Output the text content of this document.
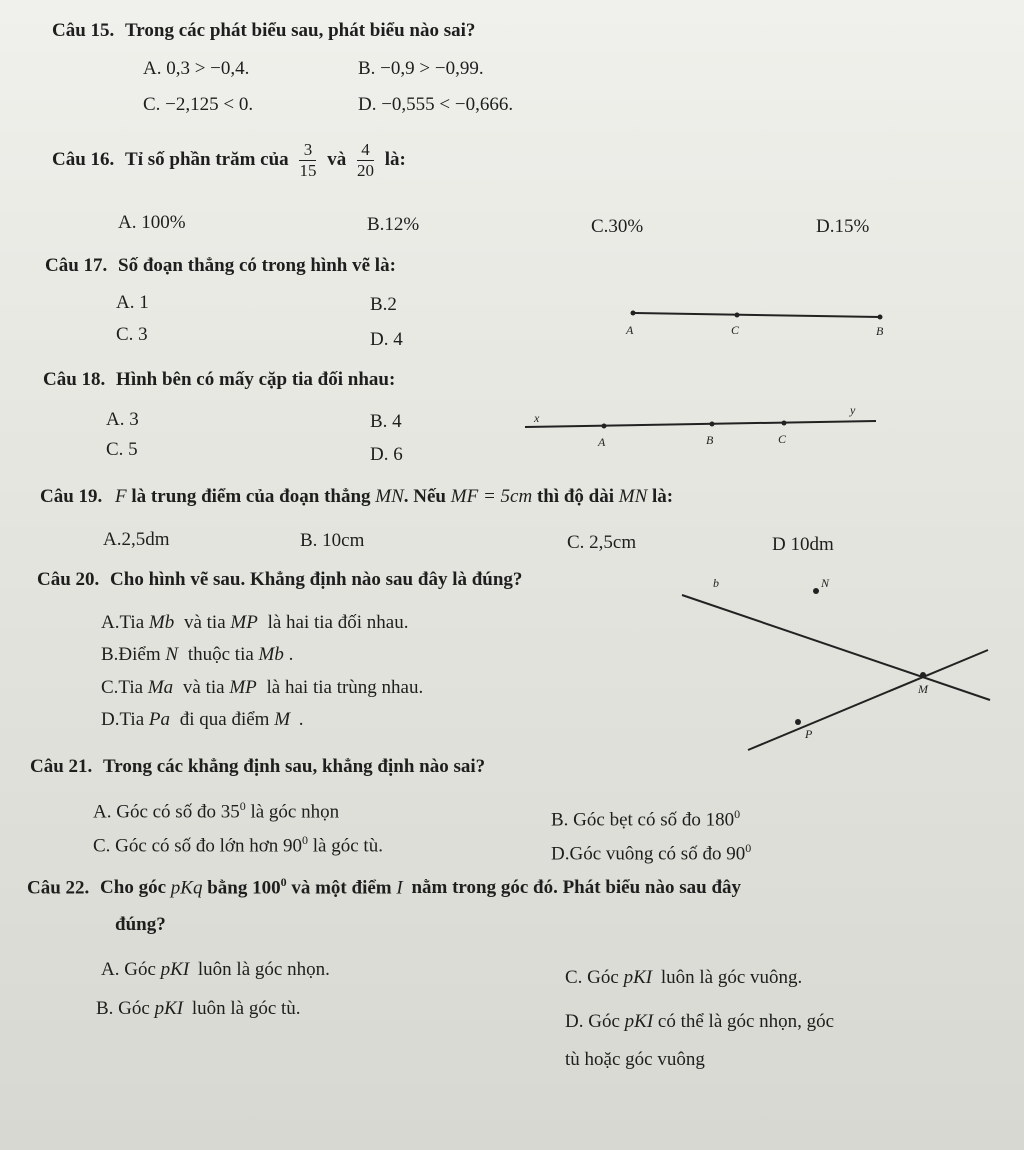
Câu 15. Trong các phát biểu sau, phát biểu nào sai?
A. 0,3 > −0,4.	B. −0,9 > −0,99.
C. −2,125 < 0.	D. −0,555 < −0,666.
Câu 16. Tỉ số phần trăm của $\frac{3}{15}$ và $\frac{4}{20}$ là:
A. 100%	B.12%	C.30%	D.15%
Câu 17. Số đoạn thẳng có trong hình vẽ là:
A. 1	B.2
C. 3	D. 4	A	C	B
Câu 18. Hình bên có mấy cặp tia đối nhau:
A. 3	B. 4
C. 5	D. 6
x
y
A	B	C
Câu 19. F là trung điểm của đoạn thẳng MN. Nếu MF = 5cm thì độ dài MN là:
A.2,5dm	B. 10cm	C. 2,5cm	D 10dm
Câu 20. Cho hình vẽ sau. Khẳng định nào sau đây là đúng?
A.Tia Mb và tia MP là hai tia đối nhau.
B.Điểm N thuộc tia Mb .
C.Tia Ma và tia MP là hai tia trùng nhau.
D.Tia Pa đi qua điểm M .
b	N
M
P
Câu 21. Trong các khẳng định sau, khẳng định nào sai?
A. Góc có số đo $35^0$ là góc nhọn	B. Góc bẹt có số đo $180^0$
C. Góc có số đo lớn hơn $90^0$ là góc tù.	D.Góc vuông có số đo $90^0$
Câu 22. Cho góc pKq bằng $100^0$ và một điểm I nằm trong góc đó. Phát biểu nào sau đây
đúng?
A. Góc pKI luôn là góc nhọn.	C. Góc pKI luôn là góc vuông.
B. Góc pKI luôn là góc tù.
D. Góc pKI có thể là góc nhọn, góc
tù hoặc góc vuông
